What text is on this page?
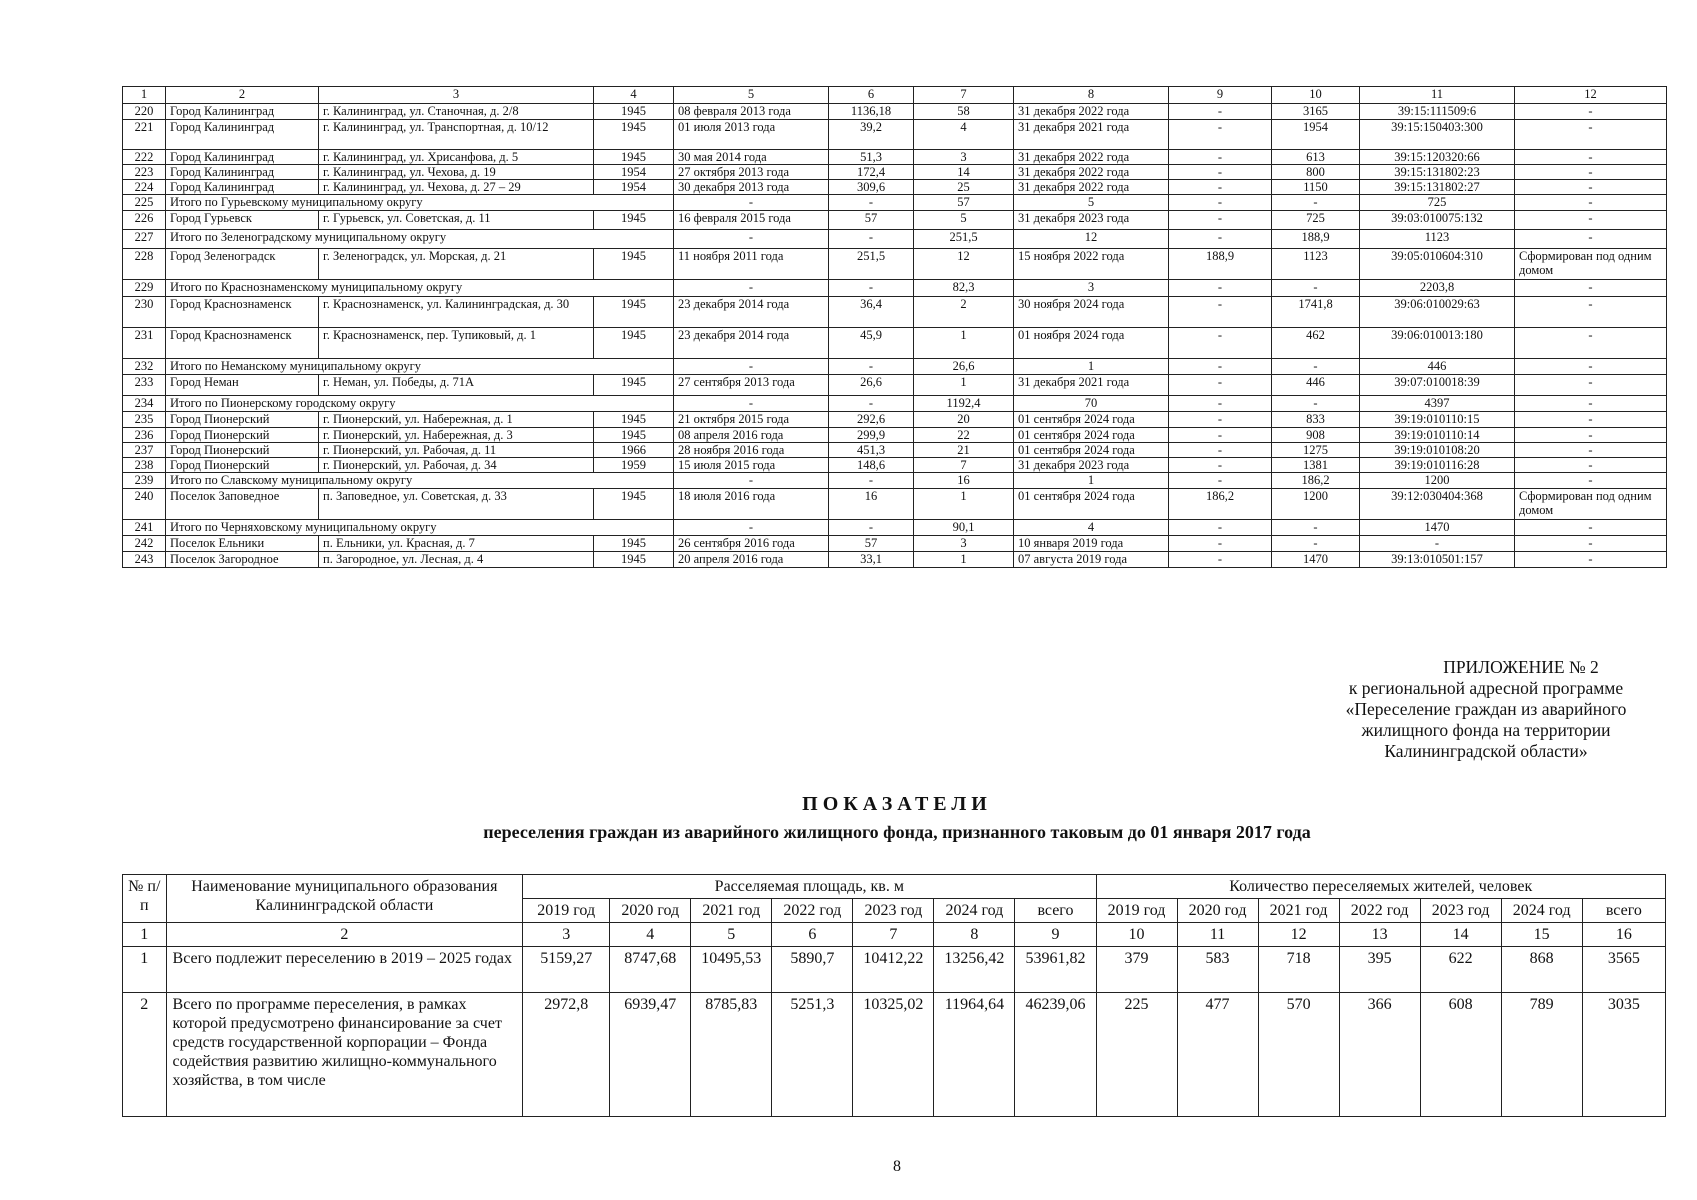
1	2	3	4	5	6	7	8	9	10	11	12	
220	Город Калининград	г. Калининград, ул. Станочная, д. 2/8	1945	08 февраля 2013 года	1136,18	58	31 декабря 2022 года	-	3165	39:15:111509:6	-	
221	Город Калининград	г. Калининград, ул. Транспортная, д. 10/12	1945	01 июля 2013 года	39,2	4	31 декабря 2021 года	-	1954	39:15:150403:300	-	
222	Город Калининград	г. Калининград, ул. Хрисанфова, д. 5	1945	30 мая 2014 года	51,3	3	31 декабря 2022 года	-	613	39:15:120320:66	-	
223	Город Калининград	г. Калининград, ул. Чехова, д. 19	1954	27 октября 2013 года	172,4	14	31 декабря 2022 года	-	800	39:15:131802:23	-	
224	Город Калининград	г. Калининград, ул. Чехова, д. 27 – 29	1954	30 декабря 2013 года	309,6	25	31 декабря 2022 года	-	1150	39:15:131802:27	-	
225	Итого по Гурьевскому муниципальному округу			-	-	57	5	-	-	725	-	
226	Город Гурьевск	г. Гурьевск, ул. Советская, д. 11	1945	16 февраля 2015 года	57	5	31 декабря 2023 года	-	725	39:03:010075:132	-	
227	Итого по Зеленоградскому муниципальному округу			-	-	251,5	12	-	188,9	1123	-	
228	Город Зеленоградск	г. Зеленоградск, ул. Морская, д. 21	1945	11 ноября 2011 года	251,5	12	15 ноября 2022 года	188,9	1123	39:05:010604:310	Сформирован под одним домом	
229	Итого по Краснознаменскому муниципальному округу			-	-	82,3	3	-	-	2203,8	-	
230	Город Краснознаменск	г. Краснознаменск, ул. Калининградская, д. 30	1945	23 декабря 2014 года	36,4	2	30 ноября 2024 года	-	1741,8	39:06:010029:63	-	
231	Город Краснознаменск	г. Краснознаменск, пер. Тупиковый, д. 1	1945	23 декабря 2014 года	45,9	1	01 ноября 2024 года	-	462	39:06:010013:180	-	
232	Итого по Неманскому муниципальному округу			-	-	26,6	1	-	-	446	-	
233	Город Неман	г. Неман, ул. Победы, д. 71А	1945	27 сентября 2013 года	26,6	1	31 декабря 2021 года	-	446	39:07:010018:39	-	
234	Итого по Пионерскому городскому округу			-	-	1192,4	70	-	-	4397	-	
235	Город Пионерский	г. Пионерский, ул. Набережная, д. 1	1945	21 октября 2015 года	292,6	20	01 сентября 2024 года	-	833	39:19:010110:15	-	
236	Город Пионерский	г. Пионерский, ул. Набережная, д. 3	1945	08 апреля 2016 года	299,9	22	01 сентября 2024 года	-	908	39:19:010110:14	-	
237	Город Пионерский	г. Пионерский, ул. Рабочая, д. 11	1966	28 ноября 2016 года	451,3	21	01 сентября 2024 года	-	1275	39:19:010108:20	-	
238	Город Пионерский	г. Пионерский, ул. Рабочая, д. 34	1959	15 июля 2015 года	148,6	7	31 декабря 2023 года	-	1381	39:19:010116:28	-	
239	Итого по Славскому муниципальному округу			-	-	16	1	-	186,2	1200	-	
240	Поселок Заповедное	п. Заповедное, ул. Советская, д. 33	1945	18 июля 2016 года	16	1	01 сентября 2024 года	186,2	1200	39:12:030404:368	Сформирован под одним домом	
241	Итого по Черняховскому муниципальному округу			-	-	90,1	4	-	-	1470	-	
242	Поселок Ельники	п. Ельники, ул. Красная, д. 7	1945	26 сентября 2016 года	57	3	10 января 2019 года	-	-	-	-	
243	Поселок Загородное	п. Загородное, ул. Лесная, д. 4	1945	20 апреля 2016 года	33,1	1	07 августа 2019 года	-	1470	39:13:010501:157	-	
ПРИЛОЖЕНИЕ № 2
к региональной адресной программе
«Переселение граждан из аварийного
жилищного фонда на территории
Калининградской области»
ПОКАЗАТЕЛИ
переселения граждан из аварийного жилищного фонда, признанного таковым до 01 января 2017 года
№ п/п	Наименование муниципального образования Калининградской области	Расселяемая площадь, кв. м							Количество переселяемых жителей, человек						
		2019 год	2020 год	2021 год	2022 год	2023 год	2024 год	всего	2019 год	2020 год	2021 год	2022 год	2023 год	2024 год	всего
1	2	3	4	5	6	7	8	9	10	11	12	13	14	15	16
1	Всего подлежит переселению в 2019 – 2025 годах	5159,27	8747,68	10495,53	5890,7	10412,22	13256,42	53961,82	379	583	718	395	622	868	3565
2	Всего по программе переселения, в рамках которой предусмотрено финансирование за счет средств государственной корпорации – Фонда содействия развитию жилищно-коммунального хозяйства, в том числе	2972,8	6939,47	8785,83	5251,3	10325,02	11964,64	46239,06	225	477	570	366	608	789	3035
8
